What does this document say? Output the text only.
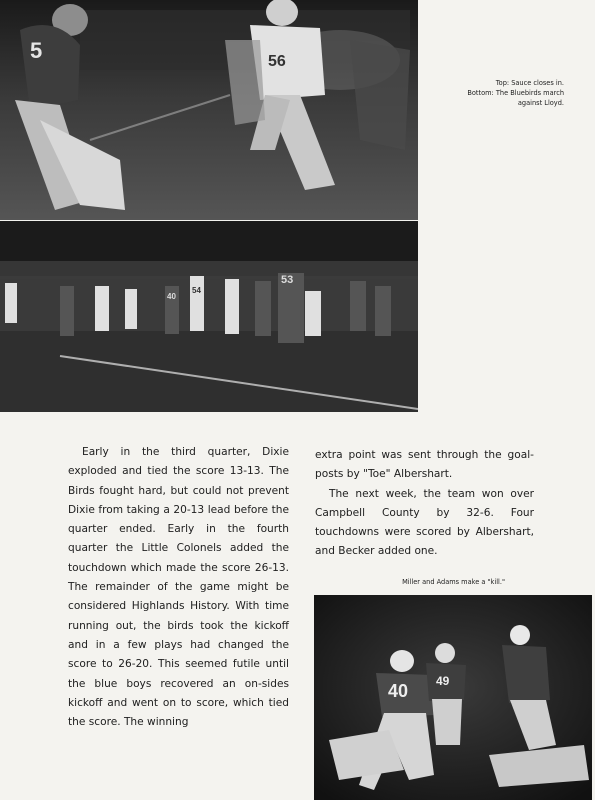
5	56
53
54
40
Top: Sauce closes in.
Bottom: The Bluebirds march
against Lloyd.

Early in the third quarter, Dixie exploded and tied the score 13-13. The Birds fought hard, but could not prevent Dixie from taking a 20-13 lead before the quarter ended. Early in the fourth quarter the Little Colonels added the touchdown which made the score 26-13. The remainder of the game might be considered Highlands History. With time running out, the birds took the kickoff and in a few plays had changed the score to 26-20. This seemed futile until the blue boys recovered an on-sides kickoff and went on to score, which tied the score. The winning

extra point was sent through the goal-posts by "Toe" Albershart.

The next week, the team won over Campbell County by 32-6. Four touchdowns were scored by Albershart, and Becker added one.

Miller and Adams make a "kill."
40 49
